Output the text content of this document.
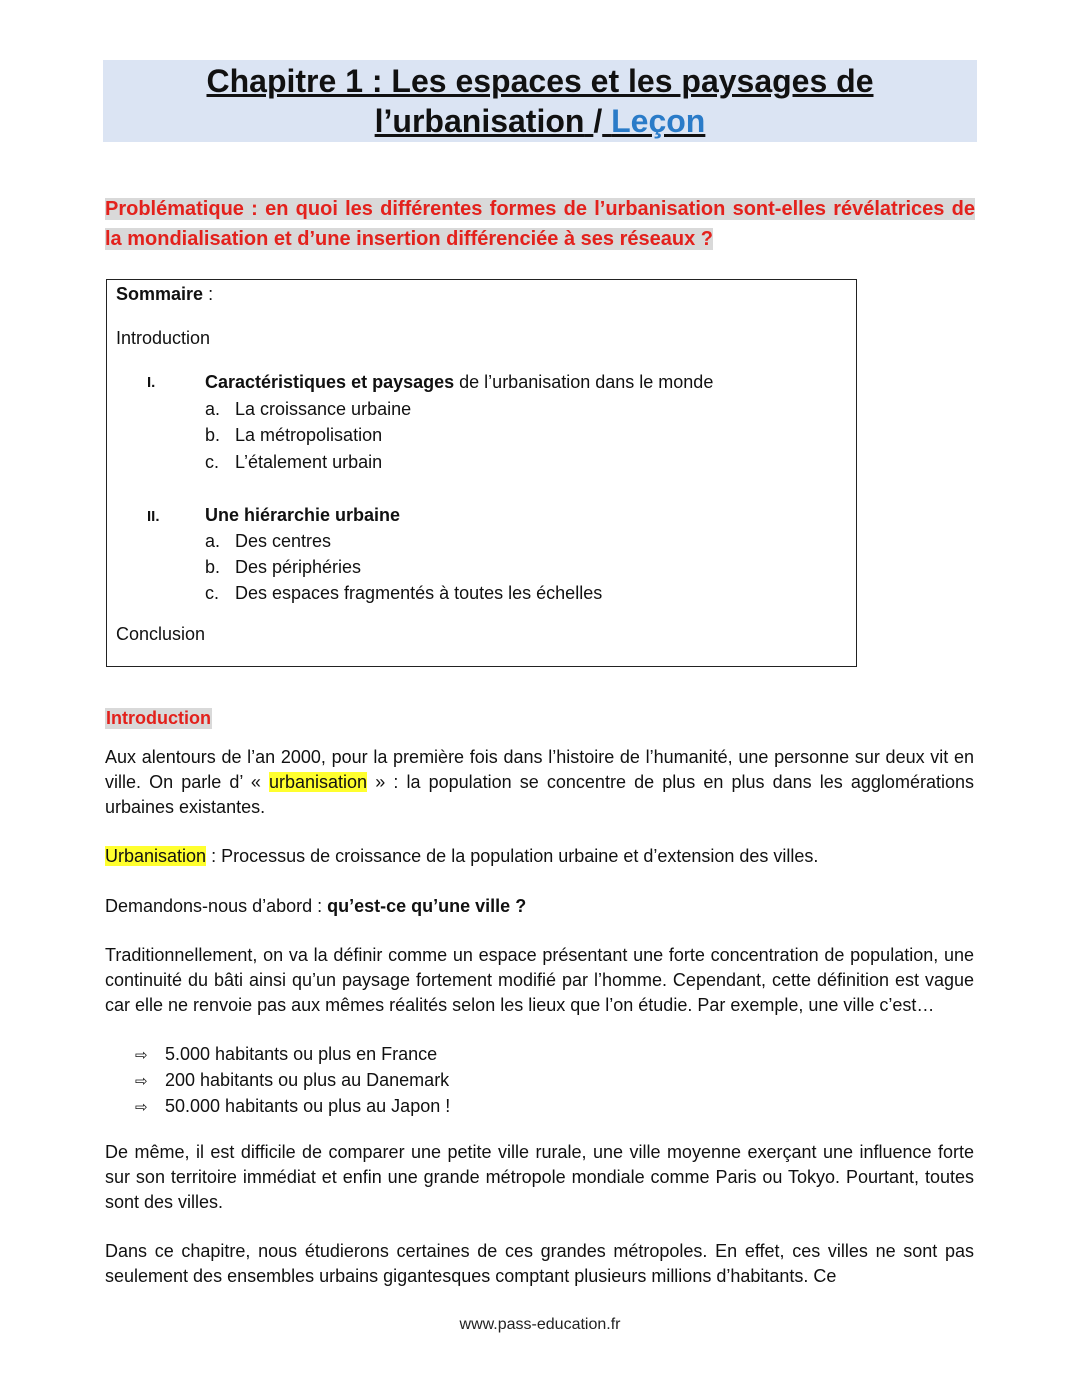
Chapitre 1 : Les espaces et les paysages de
l’urbanisation / Leçon
Problématique : en quoi les différentes formes de l’urbanisation sont-elles révélatrices de la mondialisation et d’une insertion différenciée à ses réseaux ?
Sommaire :
Introduction
I.	Caractéristiques et paysages de l’urbanisation dans le monde
a. La croissance urbaine
b. La métropolisation
c. L’étalement urbain
II.	Une hiérarchie urbaine
a. Des centres
b. Des périphéries
c. Des espaces fragmentés à toutes les échelles
Conclusion
Introduction
Aux alentours de l’an 2000, pour la première fois dans l’histoire de l’humanité, une personne sur deux vit en ville. On parle d’ « urbanisation » : la population se concentre de plus en plus dans les agglomérations urbaines existantes.
Urbanisation : Processus de croissance de la population urbaine et d’extension des villes.
Demandons-nous d’abord : qu’est-ce qu’une ville ?
Traditionnellement, on va la définir comme un espace présentant une forte concentration de population, une continuité du bâti ainsi qu’un paysage fortement modifié par l’homme. Cependant, cette définition est vague car elle ne renvoie pas aux mêmes réalités selon les lieux que l’on étudie. Par exemple, une ville c’est…
⇨ 5.000 habitants ou plus en France
⇨ 200 habitants ou plus au Danemark
⇨ 50.000 habitants ou plus au Japon !
De même, il est difficile de comparer une petite ville rurale, une ville moyenne exerçant une influence forte sur son territoire immédiat et enfin une grande métropole mondiale comme Paris ou Tokyo. Pourtant, toutes sont des villes.
Dans ce chapitre, nous étudierons certaines de ces grandes métropoles. En effet, ces villes ne sont pas seulement des ensembles urbains gigantesques comptant plusieurs millions d’habitants. Ce
www.pass-education.fr
